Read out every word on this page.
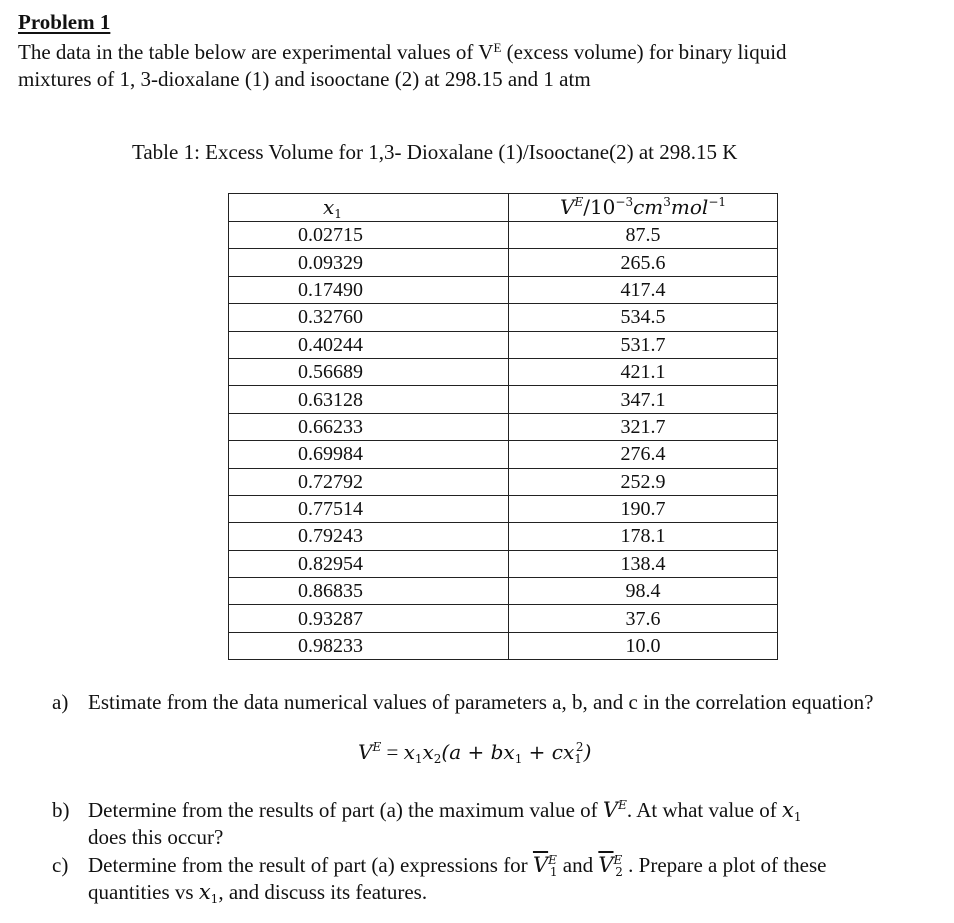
Problem 1
The data in the table below are experimental values of $V^E$ (excess volume) for binary liquid
mixtures of 1, 3-dioxalane (1) and isooctane (2) at 298.15 and 1 atm
Table 1: Excess Volume for 1,3- Dioxalane (1)/Isooctane(2) at 298.15 K
$x_1$	$V^E/10^{-3}cm^3mol^{-1}$
0.02715	87.5
0.09329	265.6
0.17490	417.4
0.32760	534.5
0.40244	531.7
0.56689	421.1
0.63128	347.1
0.66233	321.7
0.69984	276.4
0.72792	252.9
0.77514	190.7
0.79243	178.1
0.82954	138.4
0.86835	98.4
0.93287	37.6
0.98233	10.0
a) Estimate from the data numerical values of parameters a, b, and c in the correlation equation?
$V^E = x_1x_2(a + bx_1 + cx_1^2)$
b) Determine from the results of part (a) the maximum value of $V^E$. At what value of $x_1$
does this occur?
c) Determine from the result of part (a) expressions for $\overline{V}^E_1$ and $\overline{V}^E_2$ . Prepare a plot of these
quantities vs $x_1$, and discuss its features.
